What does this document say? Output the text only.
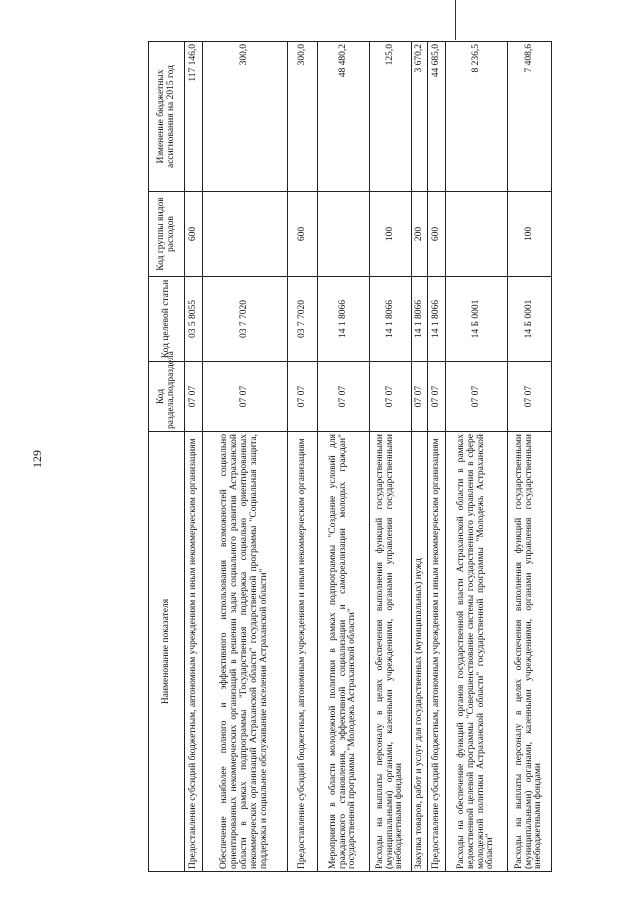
129
Наименование показателя	Код раздела,подраздела	Код целевой статьи	Код группы видов расходов	Изменение бюджетных ассигнования на 2015 год
Предоставление субсидий бюджетным, автономным учреждениям и иным некоммерческим организациям	07 07	03 5 8055	600	117 146,0
Обеспечение наиболее полного и эффективного использования возможностей социально ориентированных некоммерческих организаций в решении задач социального развития Астраханской области в рамках подпрограммы "Государственная поддержка социально ориентированных некоммерческих организаций Астраханской области" государственной программы "Социальная защита, поддержка и социальное обслуживание населения Астраханской области"	07 07	03 7 7020		300,0
Предоставление субсидий бюджетным, автономным учреждениям и иным некоммерческим организациям	07 07	03 7 7020	600	300,0
Мероприятия в области молодежной политики в рамках подпрограммы "Создание условий для гражданского становления, эффективной социализации и самореализации молодых граждан" государственной программы "Молодежь Астраханской области"	07 07	14 1 8066		48 480,2
Расходы на выплаты персоналу в целях обеспечения выполнения функций государственными (муниципальными) органами, казенными учреждениями, органами управления государственными внебюджетными фондами	07 07	14 1 8066	100	125,0
Закупка товаров, работ и услуг для государственных (муниципальных) нужд	07 07	14 1 8066	200	3 670,2
Предоставление субсидий бюджетным, автономным учреждениям и иным некоммерческим организациям	07 07	14 1 8066	600	44 685,0
Расходы на обеспечение функций органов государственной власти Астраханской области в рамках ведомственной целевой программы "Совершенствование системы государственного управления в сфере молодежной политики Астраханской области" государственной программы "Молодежь Астраханской области"	07 07	14 Б 0001		8 236,5
Расходы на выплаты персоналу в целях обеспечения выполнения функций государственными (муниципальными) органами, казенными учреждениями, органами управления государственными внебюджетными фондами	07 07	14 Б 0001	100	7 408,6
